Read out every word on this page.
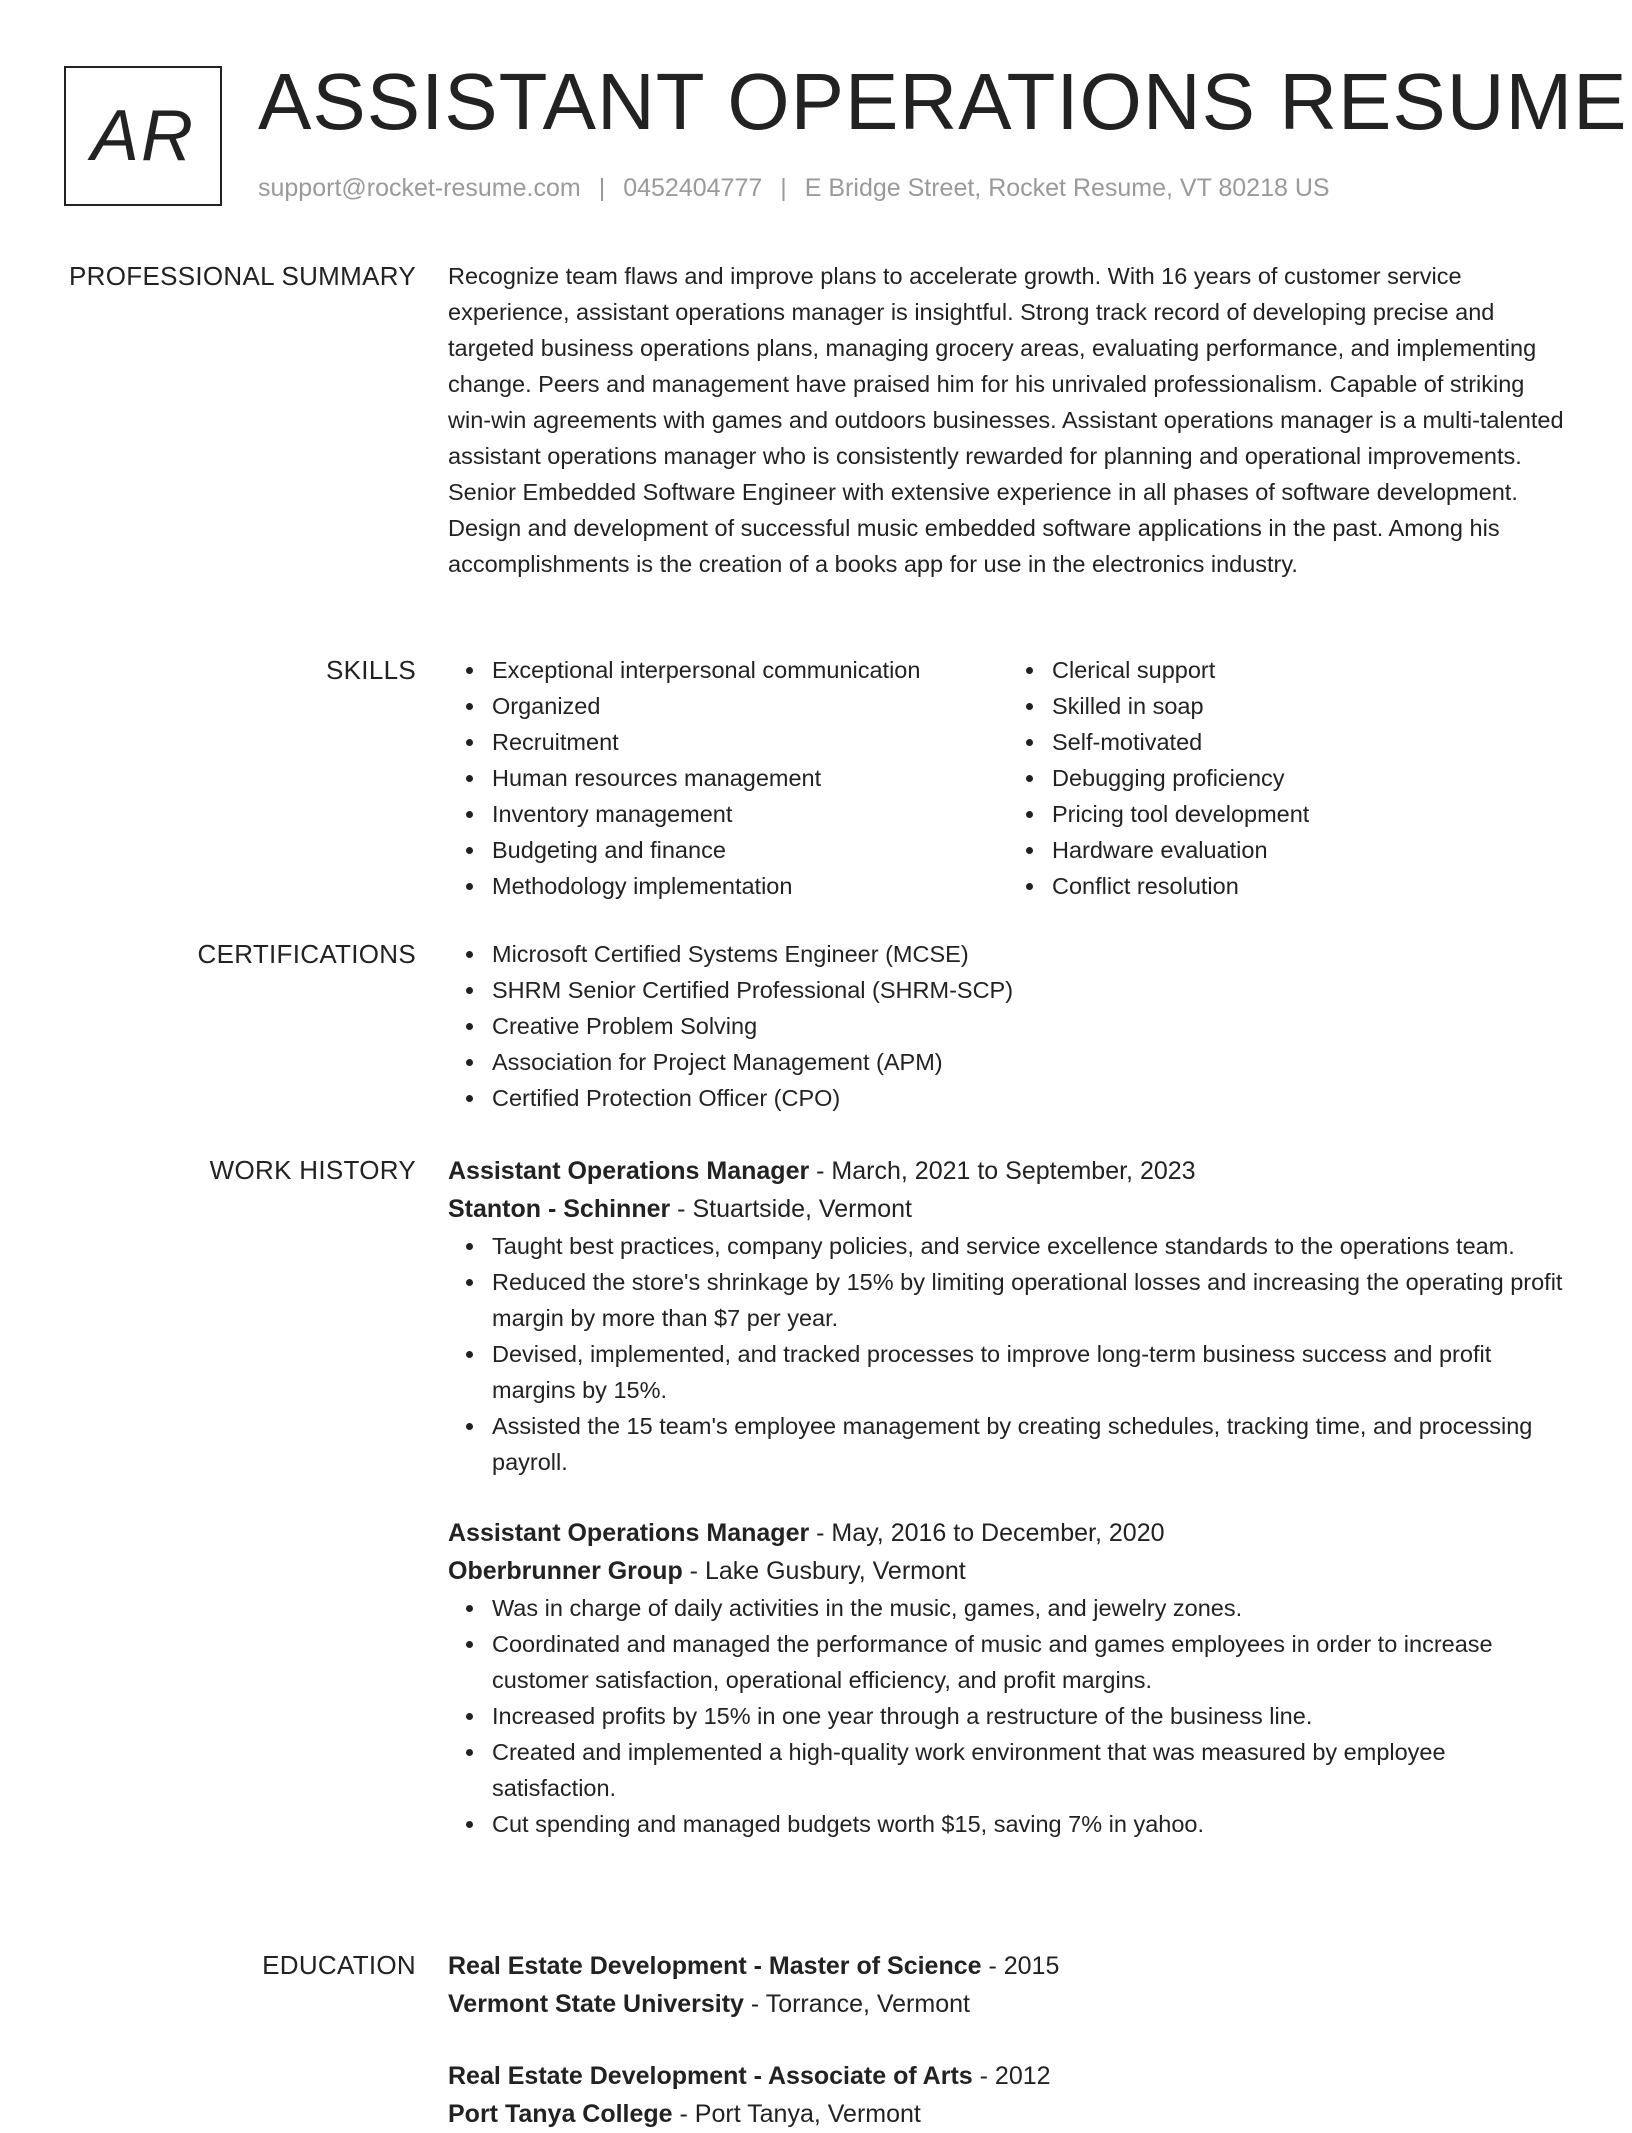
AR ASSISTANT OPERATIONS RESUME
support@rocket-resume.com | 0452404777 | E Bridge Street, Rocket Resume, VT 80218 US
PROFESSIONAL SUMMARY Recognize team flaws and improve plans to accelerate growth. With 16 years of customer service experience, assistant operations manager is insightful. Strong track record of developing precise and targeted business operations plans, managing grocery areas, evaluating performance, and implementing change. Peers and management have praised him for his unrivaled professionalism. Capable of striking win-win agreements with games and outdoors businesses. Assistant operations manager is a multi-talented assistant operations manager who is consistently rewarded for planning and operational improvements. Senior Embedded Software Engineer with extensive experience in all phases of software development. Design and development of successful music embedded software applications in the past. Among his accomplishments is the creation of a books app for use in the electronics industry.

SKILLS	Exceptional interpersonal communication
Organized
Recruitment
Human resources management
Inventory management
Budgeting and finance
Methodology implementation
Clerical support
Skilled in soap
Self-motivated
Debugging proficiency
Pricing tool development
Hardware evaluation
Conflict resolution
CERTIFICATIONS	Microsoft Certified Systems Engineer (MCSE)
SHRM Senior Certified Professional (SHRM-SCP)
Creative Problem Solving
Association for Project Management (APM)
Certified Protection Officer (CPO)
WORK HISTORY Assistant Operations Manager - March, 2021 to September, 2023
Stanton - Schinner - Stuartside, Vermont
Taught best practices, company policies, and service excellence standards to the operations team.
Reduced the store's shrinkage by 15% by limiting operational losses and increasing the operating profit margin by more than $7 per year.
Devised, implemented, and tracked processes to improve long-term business success and profit margins by 15%.
Assisted the 15 team's employee management by creating schedules, tracking time, and processing payroll.
Assistant Operations Manager - May, 2016 to December, 2020
Oberbrunner Group - Lake Gusbury, Vermont
Was in charge of daily activities in the music, games, and jewelry zones.
Coordinated and managed the performance of music and games employees in order to increase customer satisfaction, operational efficiency, and profit margins.
Increased profits by 15% in one year through a restructure of the business line.
Created and implemented a high-quality work environment that was measured by employee satisfaction.
Cut spending and managed budgets worth $15, saving 7% in yahoo.
EDUCATION Real Estate Development - Master of Science - 2015
Vermont State University - Torrance, Vermont
Real Estate Development - Associate of Arts - 2012
Port Tanya College - Port Tanya, Vermont
